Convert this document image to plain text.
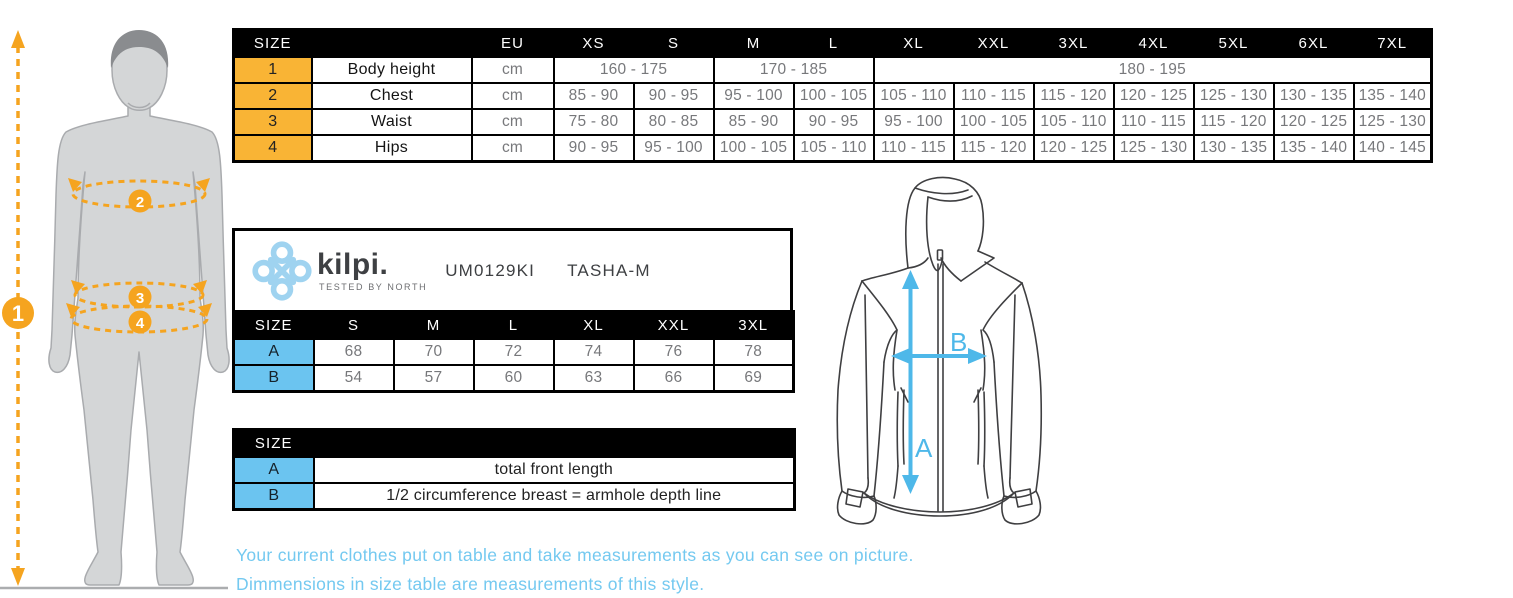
1
2
3
4
SIZE		EU	XS	S	M	L	XL	XXL	3XL	4XL	5XL	6XL	7XL
1	Body height	cm	160 - 175		170 - 185		180 - 195						
2	Chest	cm	85 - 90	90 - 95	95 - 100	100 - 105	105 - 110	110 - 115	115 - 120	120 - 125	125 - 130	130 - 135	135 - 140
3	Waist	cm	75 - 80	80 - 85	85 - 90	90 - 95	95 - 100	100 - 105	105 - 110	110 - 115	115 - 120	120 - 125	125 - 130
4	Hips	cm	90 - 95	95 - 100	100 - 105	105 - 110	110 - 115	115 - 120	120 - 125	125 - 130	130 - 135	135 - 140	140 - 145
kilpi.
TESTED BY NORTH
UM0129KI TASHA-M
SIZE	S	M	L	XL	XXL	3XL
A	68	70	72	74	76	78
B	54	57	60	63	66	69
SIZE	
A	total front length
B	1/2 circumference breast = armhole depth line
A
B
Your current clothes put on table and take measurements as you can see on picture.
Dimmensions in size table are measurements of this style.
